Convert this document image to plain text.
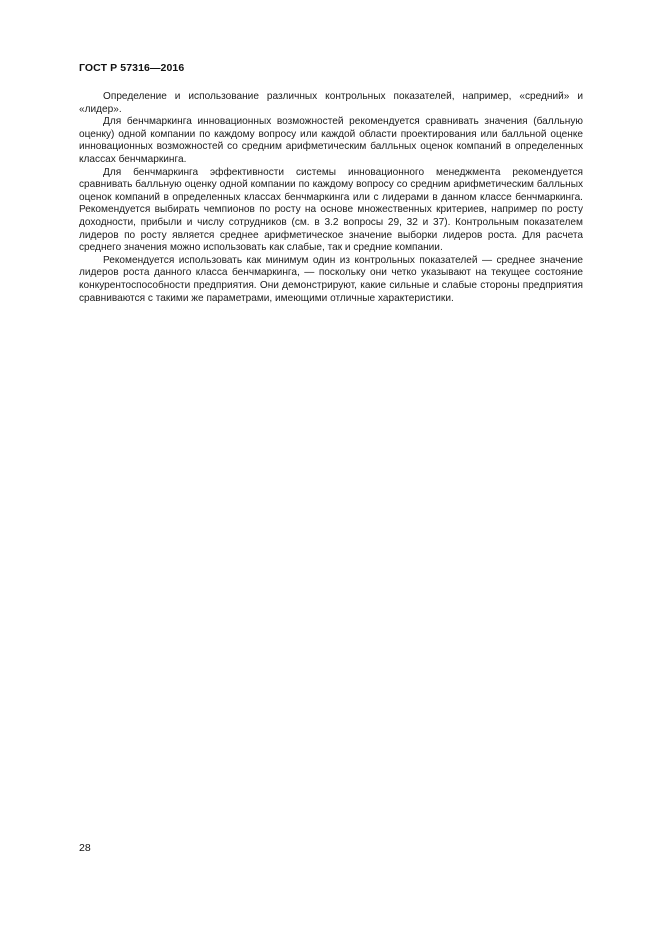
ГОСТ Р 57316—2016

Определение и использование различных контрольных показателей, например, «средний» и «лидер».

Для бенчмаркинга инновационных возможностей рекомендуется сравнивать значения (балльную оценку) одной компании по каждому вопросу или каждой области проектирования или балльной оценке инновационных возможностей со средним арифметическим балльных оценок компаний в определенных классах бенчмаркинга.

Для бенчмаркинга эффективности системы инновационного менеджмента рекомендуется сравнивать балльную оценку одной компании по каждому вопросу со средним арифметическим балльных оценок компаний в определенных классах бенчмаркинга или с лидерами в данном классе бенчмаркинга. Рекомендуется выбирать чемпионов по росту на основе множественных критериев, например по росту доходности, прибыли и числу сотрудников (см. в 3.2 вопросы 29, 32 и 37). Контрольным показателем лидеров по росту является среднее арифметическое значение выборки лидеров роста. Для расчета среднего значения можно использовать как слабые, так и средние компании.

Рекомендуется использовать как минимум один из контрольных показателей — среднее значение лидеров роста данного класса бенчмаркинга, — поскольку они четко указывают на текущее состояние конкурентоспособности предприятия. Они демонстрируют, какие сильные и слабые стороны предприятия сравниваются с такими же параметрами, имеющими отличные характеристики.

28
